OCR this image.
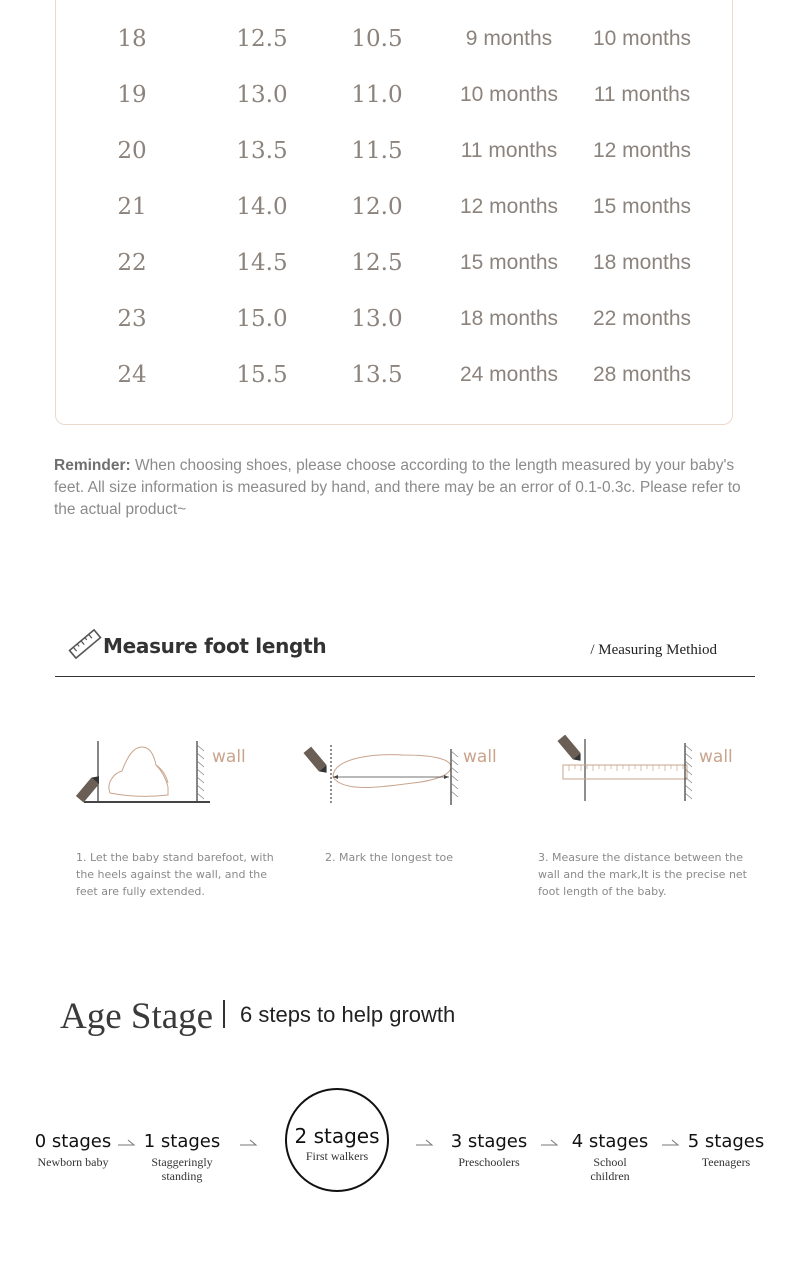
18	12.5	10.5	9 months 10 months
19	13.0	11.0	10 months 11 months
20	13.5	11.5	11 months 12 months
21	14.0	12.0	12 months 15 months
22	14.5	12.5	15 months 18 months
23	15.0	13.0	18 months 22 months
24	15.5	13.5	24 months 28 months

Reminder: When choosing shoes, please choose according to the length measured by your baby's feet. All size information is measured by hand, and there may be an error of 0.1-0.3c. Please refer to the actual product~

Measure foot length	/ Measuring Methiod
wall	wall	wall

1. Let the baby stand barefoot, with the heels against the wall, and the feet are fully extended.

2. Mark the longest toe	3. Measure the distance between the wall and the mark,It is the precise net foot length of the baby.

Age Stage 6 steps to help growth
0 stages
Newborn baby
1 stages
Staggeringly standing
2 stages
First walkers
3 stages
Preschoolers
4 stages
School children
5 stages
Teenagers
